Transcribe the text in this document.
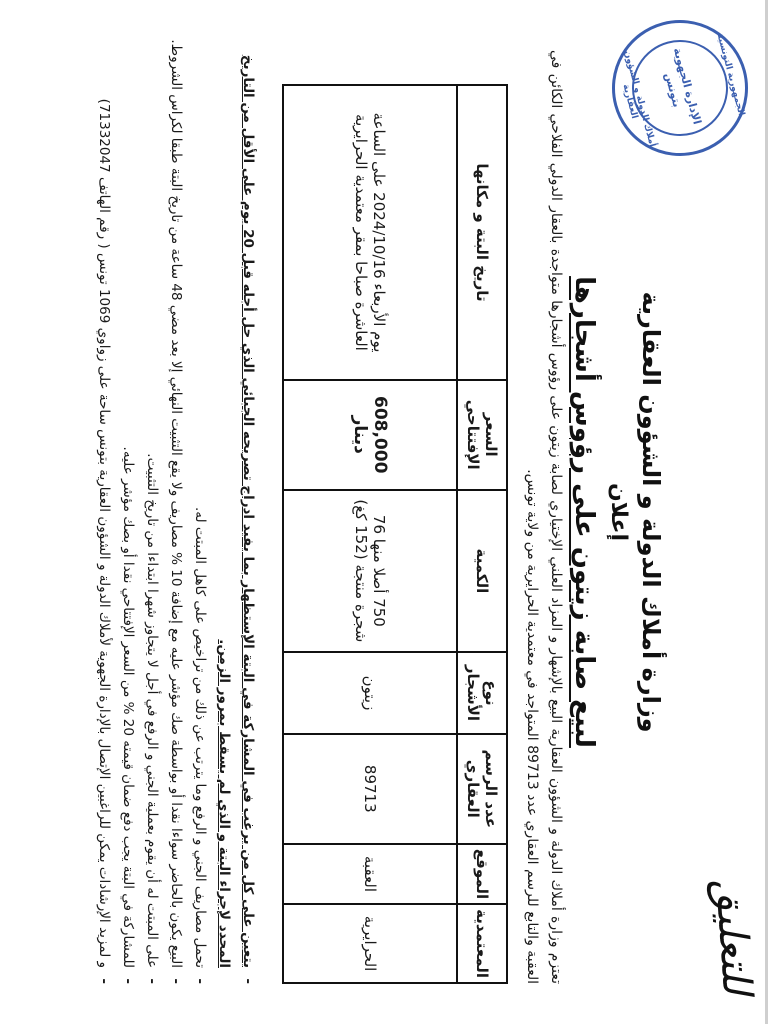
للتعليق
وزارة أملاك الدولة و الشؤون العقارية
إعلان
لبيع صابة زيتون على رؤوس أشجارها
تعتزم وزارة أملاك الدولة و الشؤون العقارية البيع بالإشهار و المزاد العلني الإختياري لصابة زيتون على رؤوس أشجارها متواجدة بالعقار الدولي الفلاحي الكائن في العقبة والتابع للرسم العقاري عدد 89713 المتواجد في معتمدية الحرايرية من ولاية تونس.
المعتمدية	الموقع	عدد الرسم العقاري	نوع الأشجار	الكمية	السعر الإفتتاحي	تاريخ البتة و مكانها
الحرايرية	العقبة	89713	زيتون	750 أصلا منها 76 شجرة منتجة (152 كغ)	608,000 دينار	يوم الأربعاء 2024/10/16 على الساعة العاشرة صباحا بمقر معتمدية الحرايرية
- يتعين على كل من يرغب في المشاركة في البتة الإستظهار بما يفيد ادراج تصريحه الجبائي الذي حل أجله قبل 20 يوم على الأقل من التاريخ المحدد لإجراء البتة و الذي لم يسقط بمرور الزمن.
- تحمل مصاريف الجني و الرفع وما يترتب عن ذلك من تراخيص على كاهل المبتت له.
- البيع يكون بالحاضر سواءا نقدا أو بواسطة صك مؤشر عليه مع إضافة 10 % مصاريف ولا يقع التثبيت النهائي إلا بعد مضي 48 ساعة من تاريخ البتة طبقا لكراس الشروط.
- على المبتت له أن يقوم بعملية الجني و الرفع في أجل لا يتجاوز شهرا ابتداءا من تاريخ التثبيت.
- للمشاركة في البتة يجب دفع ضمان قيمته 20 % من السعر الإفتتاحي نقدا أو بصك مؤشر عليه.
- و لمزيد الإرشادات يمكن للراغبين الإتصال بالإدارة الجهوية لأملاك الدولة و الشؤون العقارية بتونس ساحة على زواوي 1069 تونس ( رقم الهاتف 71332047)
الجمهورية التونسية
الإدارة الجهوية بتونس
أملاك الدولة و الشؤون العقارية
